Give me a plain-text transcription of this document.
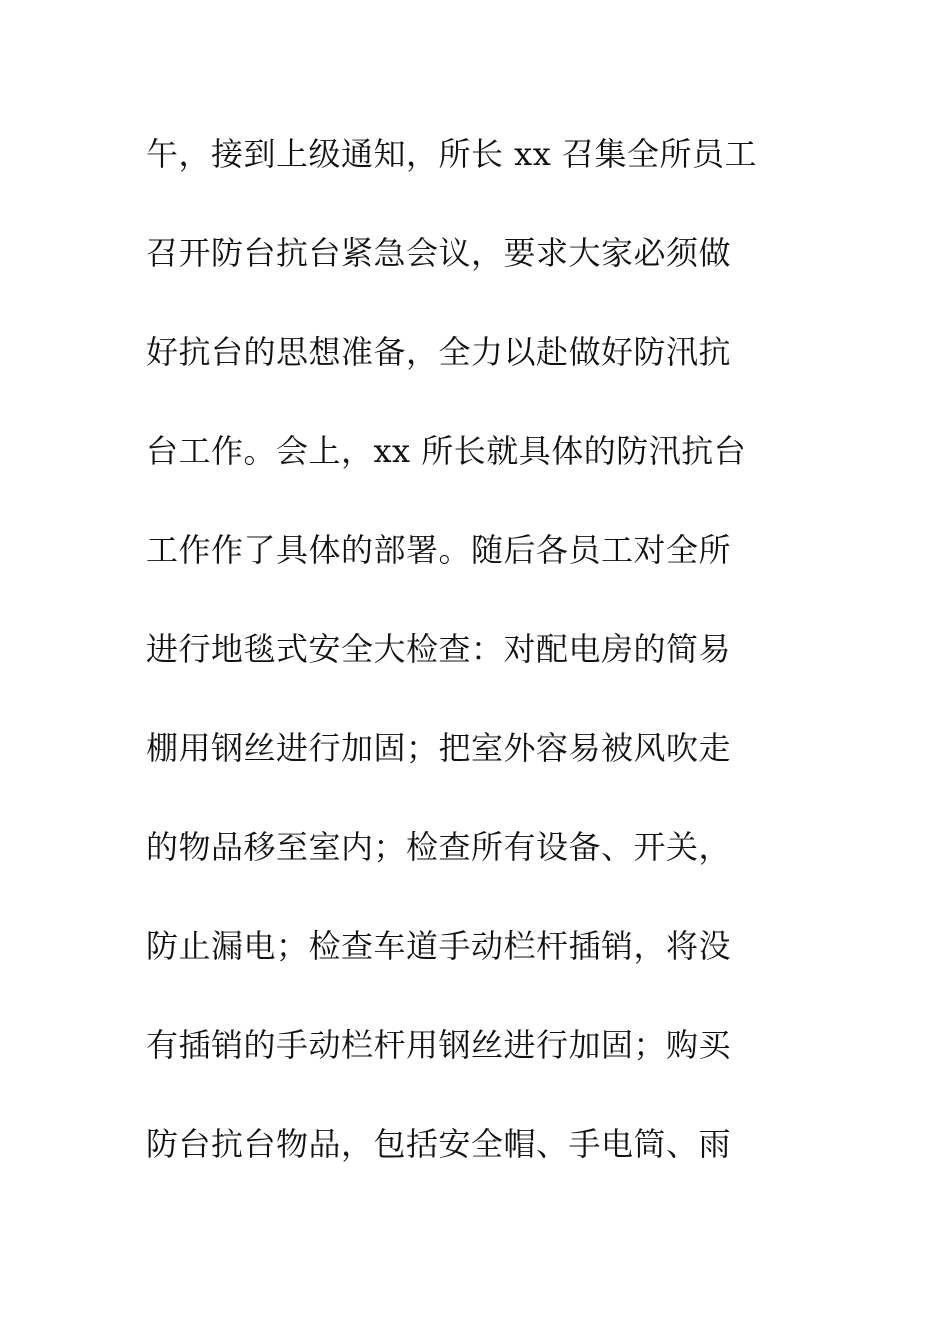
午，接到上级通知，所长 xx 召集全所员工
召开防台抗台紧急会议，要求大家必须做
好抗台的思想准备，全力以赴做好防汛抗
台工作。会上，xx 所长就具体的防汛抗台
工作作了具体的部署。随后各员工对全所
进行地毯式安全大检查：对配电房的简易
棚用钢丝进行加固；把室外容易被风吹走
的物品移至室内；检查所有设备、开关，
防止漏电；检查车道手动栏杆插销，将没
有插销的手动栏杆用钢丝进行加固；购买
防台抗台物品，包括安全帽、手电筒、雨
